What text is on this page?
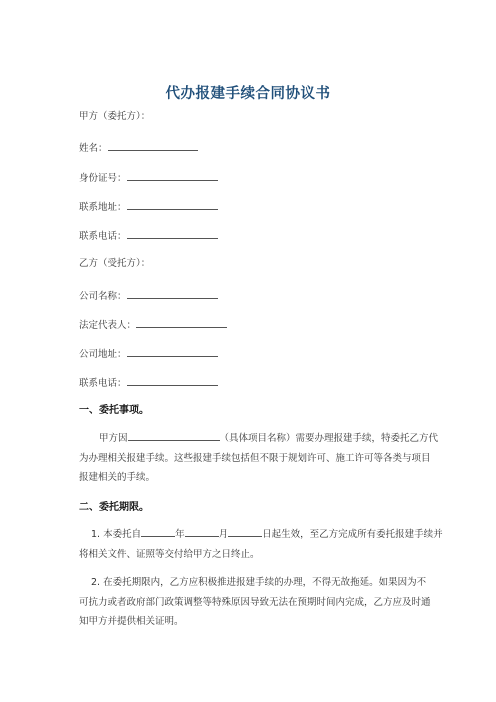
代办报建手续合同协议书
甲方（委托方）：
姓名：
身份证号：
联系地址：
联系电话：
乙方（受托方）：
公司名称：
法定代表人：
公司地址：
联系电话：
一、委托事项。
甲方因	（具体项目名称）需要办理报建手续，特委托乙方代
为办理相关报建手续。这些报建手续包括但不限于规划许可、施工许可等各类与项目
报建相关的手续。
二、委托期限。
1. 本委托自	年	月	日起生效，至乙方完成所有委托报建手续并
将相关文件、证照等交付给甲方之日终止。
2. 在委托期限内，乙方应积极推进报建手续的办理，不得无故拖延。如果因为不
可抗力或者政府部门政策调整等特殊原因导致无法在预期时间内完成，乙方应及时通
知甲方并提供相关证明。
